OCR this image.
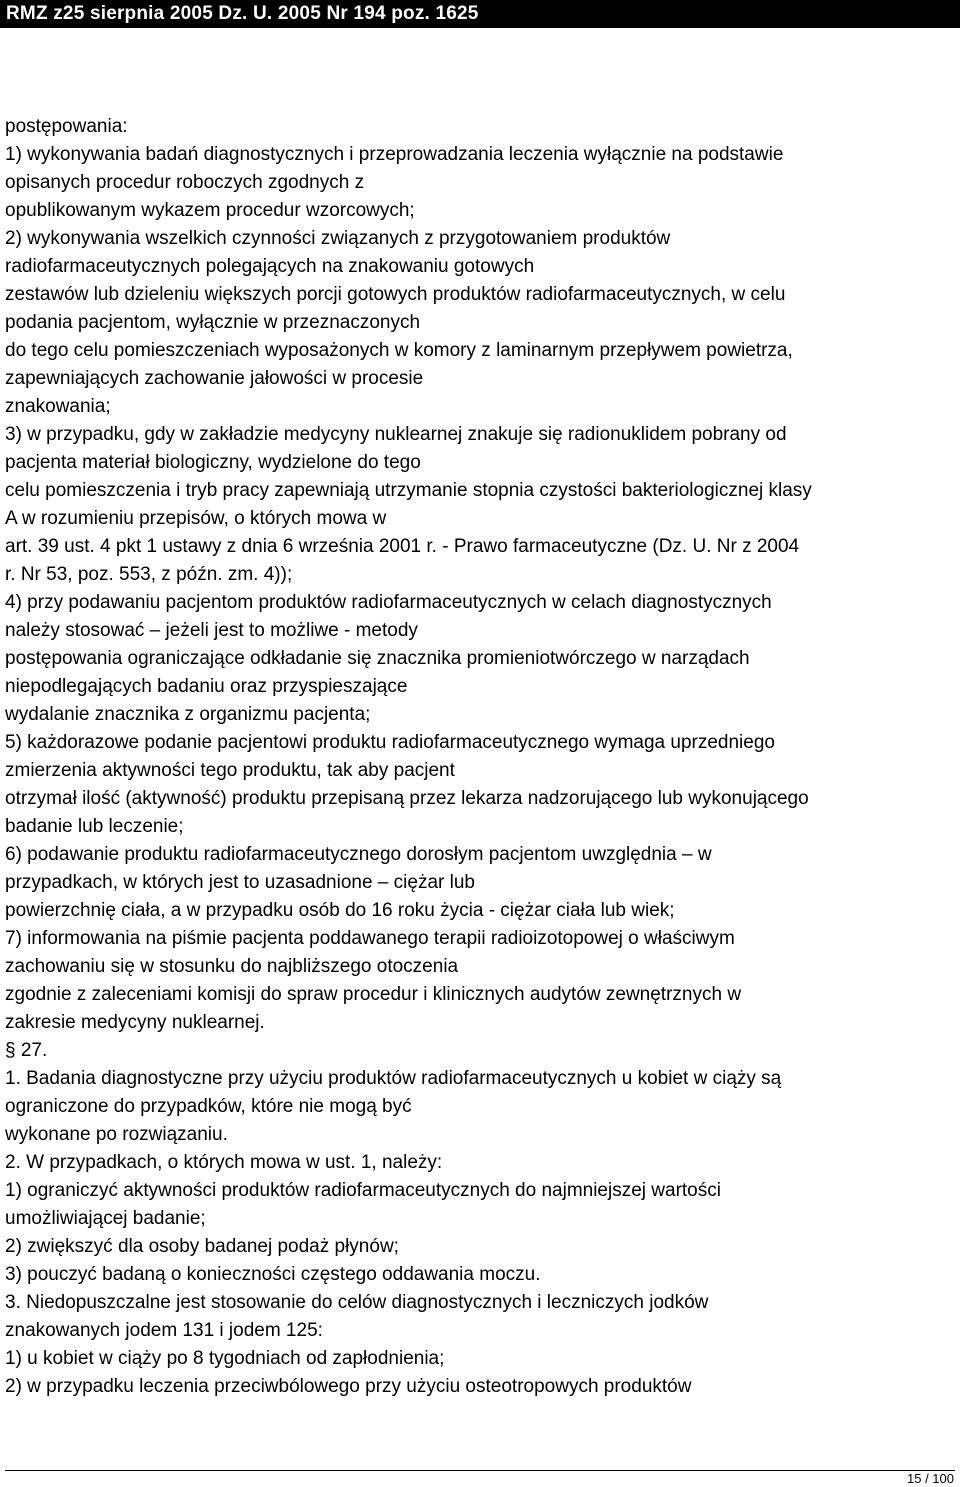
RMZ z25 sierpnia 2005 Dz. U. 2005 Nr 194 poz. 1625
postępowania:
1) wykonywania badań diagnostycznych i przeprowadzania leczenia wyłącznie na podstawie
opisanych procedur roboczych zgodnych z
opublikowanym wykazem procedur wzorcowych;
2) wykonywania wszelkich czynności związanych z przygotowaniem produktów
radiofarmaceutycznych polegających na znakowaniu gotowych
zestawów lub dzieleniu większych porcji gotowych produktów radiofarmaceutycznych, w celu
podania pacjentom, wyłącznie w przeznaczonych
do tego celu pomieszczeniach wyposażonych w komory z laminarnym przepływem powietrza,
zapewniających zachowanie jałowości w procesie
znakowania;
3) w przypadku, gdy w zakładzie medycyny nuklearnej znakuje się radionuklidem pobrany od
pacjenta materiał biologiczny, wydzielone do tego
celu pomieszczenia i tryb pracy zapewniają utrzymanie stopnia czystości bakteriologicznej klasy
A w rozumieniu przepisów, o których mowa w
art. 39 ust. 4 pkt 1 ustawy z dnia 6 września 2001 r. - Prawo farmaceutyczne (Dz. U. Nr z 2004
r. Nr 53, poz. 553, z późn. zm. 4));
4) przy podawaniu pacjentom produktów radiofarmaceutycznych w celach diagnostycznych
należy stosować – jeżeli jest to możliwe - metody
postępowania ograniczające odkładanie się znacznika promieniotwórczego w narządach
niepodlegających badaniu oraz przyspieszające
wydalanie znacznika z organizmu pacjenta;
5) każdorazowe podanie pacjentowi produktu radiofarmaceutycznego wymaga uprzedniego
zmierzenia aktywności tego produktu, tak aby pacjent
otrzymał ilość (aktywność) produktu przepisaną przez lekarza nadzorującego lub wykonującego
badanie lub leczenie;
6) podawanie produktu radiofarmaceutycznego dorosłym pacjentom uwzględnia – w
przypadkach, w których jest to uzasadnione – ciężar lub
powierzchnię ciała, a w przypadku osób do 16 roku życia - ciężar ciała lub wiek;
7) informowania na piśmie pacjenta poddawanego terapii radioizotopowej o właściwym
zachowaniu się w stosunku do najbliższego otoczenia
zgodnie z zaleceniami komisji do spraw procedur i klinicznych audytów zewnętrznych w
zakresie medycyny nuklearnej.
§ 27.
1. Badania diagnostyczne przy użyciu produktów radiofarmaceutycznych u kobiet w ciąży są
ograniczone do przypadków, które nie mogą być
wykonane po rozwiązaniu.
2. W przypadkach, o których mowa w ust. 1, należy:
1) ograniczyć aktywności produktów radiofarmaceutycznych do najmniejszej wartości
umożliwiającej badanie;
2) zwiększyć dla osoby badanej podaż płynów;
3) pouczyć badaną o konieczności częstego oddawania moczu.
3. Niedopuszczalne jest stosowanie do celów diagnostycznych i leczniczych jodków
znakowanych jodem 131 i jodem 125:
1) u kobiet w ciąży po 8 tygodniach od zapłodnienia;
2) w przypadku leczenia przeciwbólowego przy użyciu osteotropowych produktów
15 / 100
